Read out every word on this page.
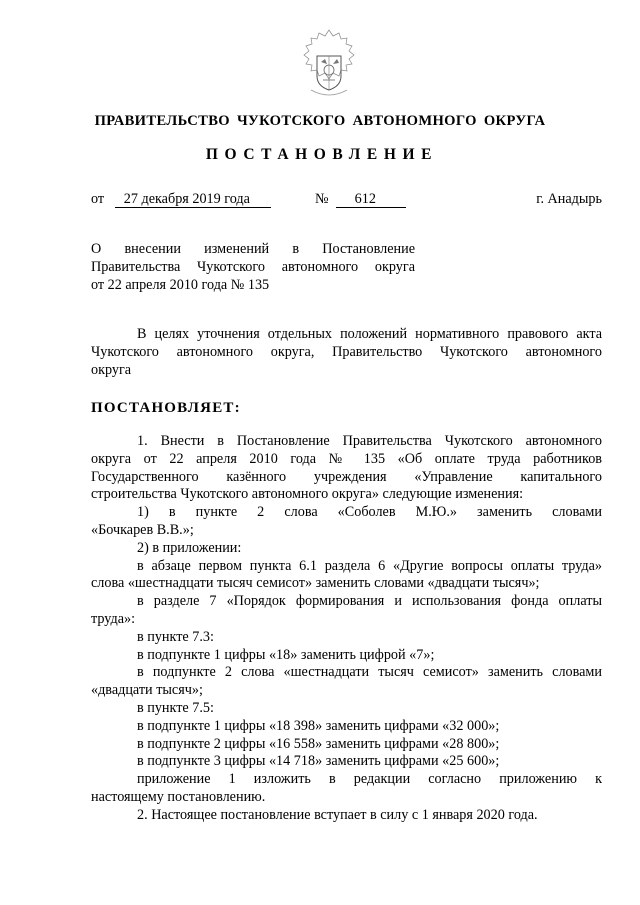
ПРАВИТЕЛЬСТВО ЧУКОТСКОГО АВТОНОМНОГО ОКРУГА
ПОСТАНОВЛЕНИЕ
от 27 декабря 2019 года	№ 612	г. Анадырь
О внесении изменений в Постановление
Правительства Чукотского автономного округа
от 22 апреля 2010 года № 135
В целях уточнения отдельных положений нормативного правового акта
Чукотского автономного округа, Правительство Чукотского автономного
округа
ПОСТАНОВЛЯЕТ:
1. Внести в Постановление Правительства Чукотского автономного
округа от 22 апреля 2010 года № 135 «Об оплате труда работников
Государственного казённого учреждения «Управление капитального
строительства Чукотского автономного округа» следующие изменения:
1) в пункте 2 слова «Соболев М.Ю.» заменить словами
«Бочкарев В.В.»;
2) в приложении:
в абзаце первом пункта 6.1 раздела 6 «Другие вопросы оплаты труда»
слова «шестнадцати тысяч семисот» заменить словами «двадцати тысяч»;
в разделе 7 «Порядок формирования и использования фонда оплаты
труда»:
в пункте 7.3:
в подпункте 1 цифры «18» заменить цифрой «7»;
в подпункте 2 слова «шестнадцати тысяч семисот» заменить словами
«двадцати тысяч»;
в пункте 7.5:
в подпункте 1 цифры «18 398» заменить цифрами «32 000»;
в подпункте 2 цифры «16 558» заменить цифрами «28 800»;
в подпункте 3 цифры «14 718» заменить цифрами «25 600»;
приложение 1 изложить в редакции согласно приложению к
настоящему постановлению.
2. Настоящее постановление вступает в силу с 1 января 2020 года.
